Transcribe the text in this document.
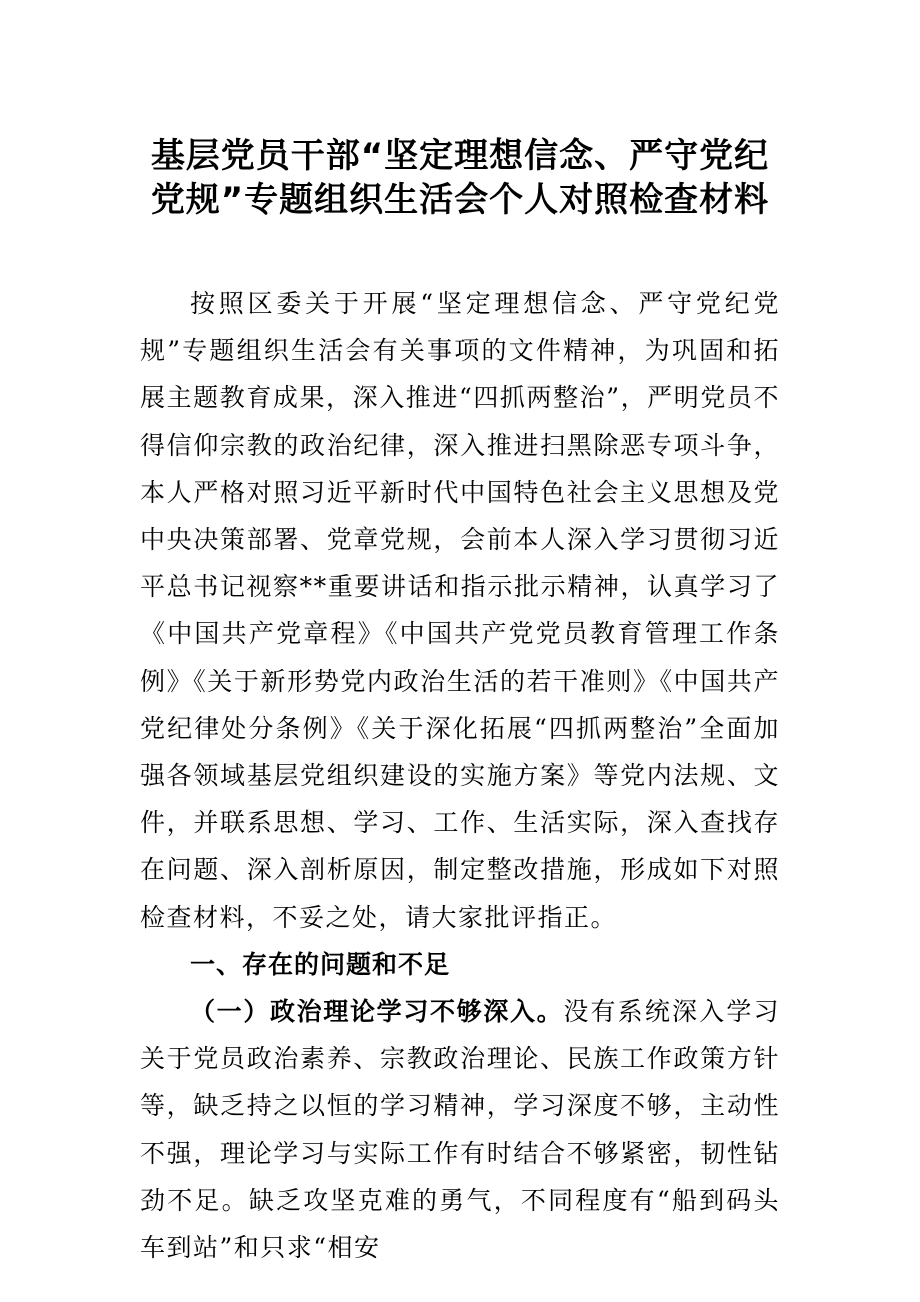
基层党员干部“坚定理想信念、严守党纪党规”专题组织生活会个人对照检查材料

按照区委关于开展“坚定理想信念、严守党纪党规”专题组织生活会有关事项的文件精神，为巩固和拓展主题教育成果，深入推进“四抓两整治”，严明党员不得信仰宗教的政治纪律，深入推进扫黑除恶专项斗争，本人严格对照习近平新时代中国特色社会主义思想及党中央决策部署、党章党规，会前本人深入学习贯彻习近平总书记视察**重要讲话和指示批示精神，认真学习了《中国共产党章程》《中国共产党党员教育管理工作条例》《关于新形势党内政治生活的若干准则》《中国共产党纪律处分条例》《关于深化拓展“四抓两整治”全面加强各领域基层党组织建设的实施方案》等党内法规、文件，并联系思想、学习、工作、生活实际，深入查找存在问题、深入剖析原因，制定整改措施，形成如下对照检查材料，不妥之处，请大家批评指正。

一、存在的问题和不足

（一）政治理论学习不够深入。没有系统深入学习关于党员政治素养、宗教政治理论、民族工作政策方针等，缺乏持之以恒的学习精神，学习深度不够，主动性不强，理论学习与实际工作有时结合不够紧密，韧性钻劲不足。缺乏攻坚克难的勇气，不同程度有“船到码头车到站”和只求“相安
